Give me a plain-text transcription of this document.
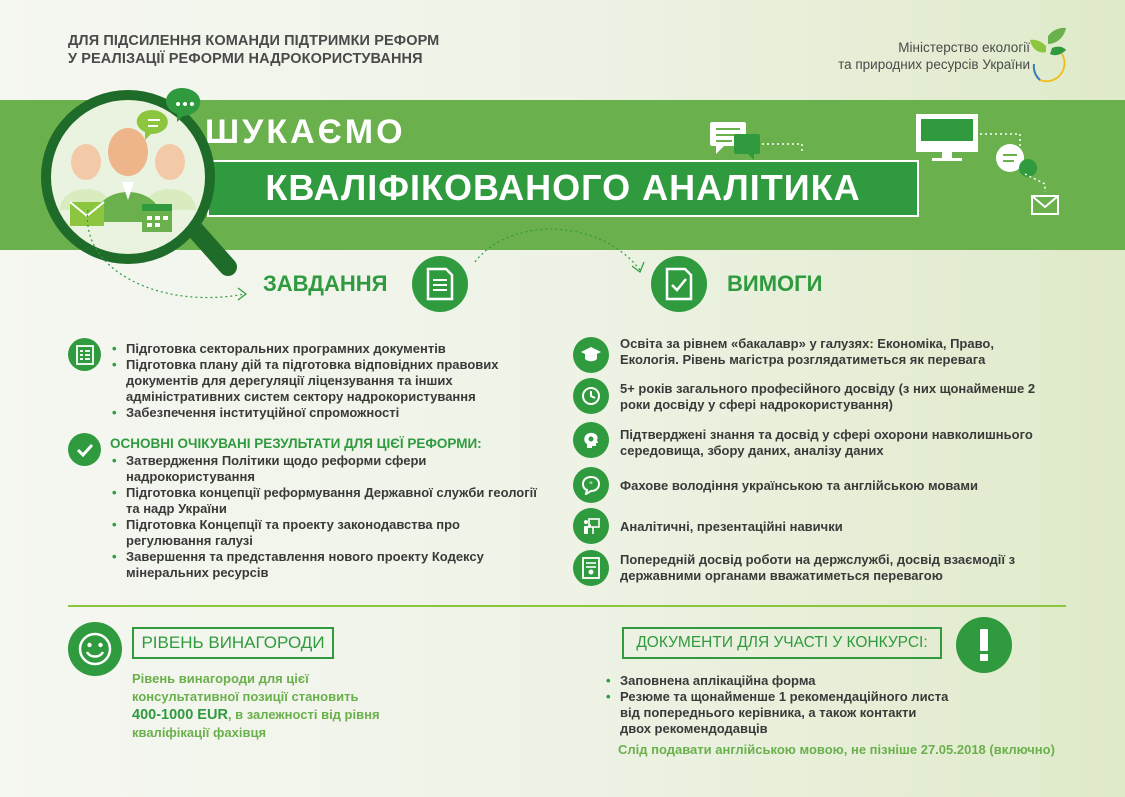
ДЛЯ ПІДСИЛЕННЯ КОМАНДИ ПІДТРИМКИ РЕФОРМ
У РЕАЛІЗАЦІЇ РЕФОРМИ НАДРОКОРИСТУВАННЯ
Міністерство екології
та природних ресурсів України
ШУКАЄМО
КВАЛІФІКОВАНОГО АНАЛІТИКА
ЗАВДАННЯ	ВИМОГИ
• Підготовка секторальних програмних документів
• Підготовка плану дій та підготовка відповідних правових документів для дерегуляції ліцензування та інших адміністративних систем сектору надрокористування
• Забезпечення інституційної спроможності
ОСНОВНІ ОЧІКУВАНІ РЕЗУЛЬТАТИ ДЛЯ ЦІЄЇ РЕФОРМИ:
• Затвердження Політики щодо реформи сфери надрокористування
• Підготовка концепції реформування Державної служби геології та надр України
• Підготовка Концепції та проекту законодавства про регулювання галузі
• Завершення та представлення нового проекту Кодексу мінеральних ресурсів
Освіта за рівнем «бакалавр» у галузях: Економіка, Право, Екологія. Рівень магістра розглядатиметься як перевага
5+ років загального професійного досвіду (з них щонайменше 2 роки досвіду у сфері надрокористування)
Підтверджені знання та досвід у сфері охорони навколишнього середовища, збору даних, аналізу даних
" Фахове володіння українською та англійською мовами
Аналітичні, презентаційні навички
Попередній досвід роботи на держслужбі, досвід взаємодії з державними органами вважатиметься перевагою
РІВЕНЬ ВИНАГОРОДИ
Рівень винагороди для цієї
консультативної позиції становить
400-1000 EUR, в залежності від рівня
кваліфікації фахівця
ДОКУМЕНТИ ДЛЯ УЧАСТІ У КОНКУРСІ:
• Заповнена аплікаційна форма
• Резюме та щонайменше 1 рекомендаційного листа від попереднього керівника, а також контакти двох рекомендодавців
Слід подавати англійською мовою, не пізніше 27.05.2018 (включно)
